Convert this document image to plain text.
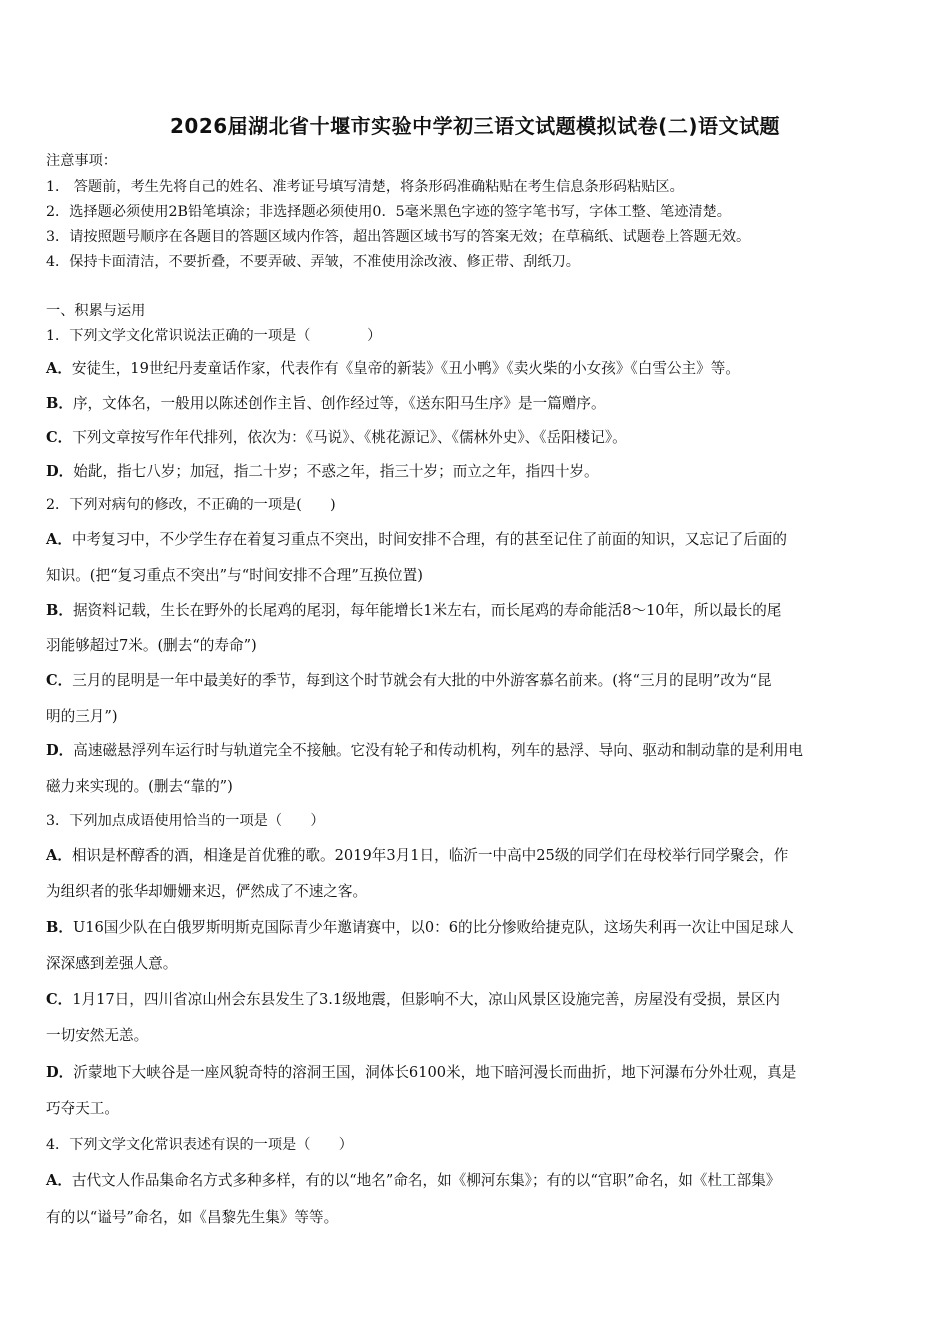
2026届湖北省十堰市实验中学初三语文试题模拟试卷(二)语文试题
注意事项：
1． 答题前，考生先将自己的姓名、准考证号填写清楚，将条形码准确粘贴在考生信息条形码粘贴区。
2．选择题必须使用2B铅笔填涂；非选择题必须使用0．5毫米黑色字迹的签字笔书写，字体工整、笔迹清楚。
3．请按照题号顺序在各题目的答题区域内作答，超出答题区域书写的答案无效；在草稿纸、试题卷上答题无效。
4．保持卡面清洁，不要折叠，不要弄破、弄皱，不准使用涂改液、修正带、刮纸刀。
一、积累与运用
1．下列文学文化常识说法正确的一项是（　　　　）
A．安徒生，19世纪丹麦童话作家，代表作有《皇帝的新装》《丑小鸭》《卖火柴的小女孩》《白雪公主》等。
B．序，文体名，一般用以陈述创作主旨、创作经过等，《送东阳马生序》是一篇赠序。
C．下列文章按写作年代排列，依次为：《马说》、《桃花源记》、《儒林外史》、《岳阳楼记》。
D．始龀，指七八岁；加冠，指二十岁；不惑之年，指三十岁；而立之年，指四十岁。
2．下列对病句的修改，不正确的一项是(　　)
A．中考复习中，不少学生存在着复习重点不突出，时间安排不合理，有的甚至记住了前面的知识，又忘记了后面的
知识。(把“复习重点不突出”与“时间安排不合理”互换位置)
B．据资料记载，生长在野外的长尾鸡的尾羽，每年能增长1米左右，而长尾鸡的寿命能活8～10年，所以最长的尾
羽能够超过7米。(删去“的寿命”)
C．三月的昆明是一年中最美好的季节，每到这个时节就会有大批的中外游客慕名前来。(将“三月的昆明”改为“昆
明的三月”)
D．高速磁悬浮列车运行时与轨道完全不接触。它没有轮子和传动机构，列车的悬浮、导向、驱动和制动靠的是利用电
磁力来实现的。(删去“靠的”)
3．下列加点成语使用恰当的一项是（　　）
A．相识是杯醇香的酒，相逢是首优雅的歌。2019年3月1日，临沂一中高中25级的同学们在母校举行同学聚会，作
为组织者的张华却姗姗来迟，俨然成了不速之客。
B．U16国少队在白俄罗斯明斯克国际青少年邀请赛中，以0：6的比分惨败给捷克队，这场失利再一次让中国足球人
深深感到差强人意。
C．1月17日，四川省凉山州会东县发生了3.1级地震，但影响不大，凉山风景区设施完善，房屋没有受损，景区内
一切安然无恙。
D．沂蒙地下大峡谷是一座风貌奇特的溶洞王国，洞体长6100米，地下暗河漫长而曲折，地下河瀑布分外壮观，真是
巧夺天工。
4．下列文学文化常识表述有误的一项是（　　）
A．古代文人作品集命名方式多种多样，有的以“地名”命名，如《柳河东集》；有的以“官职”命名，如《杜工部集》
有的以“谥号”命名，如《昌黎先生集》等等。
